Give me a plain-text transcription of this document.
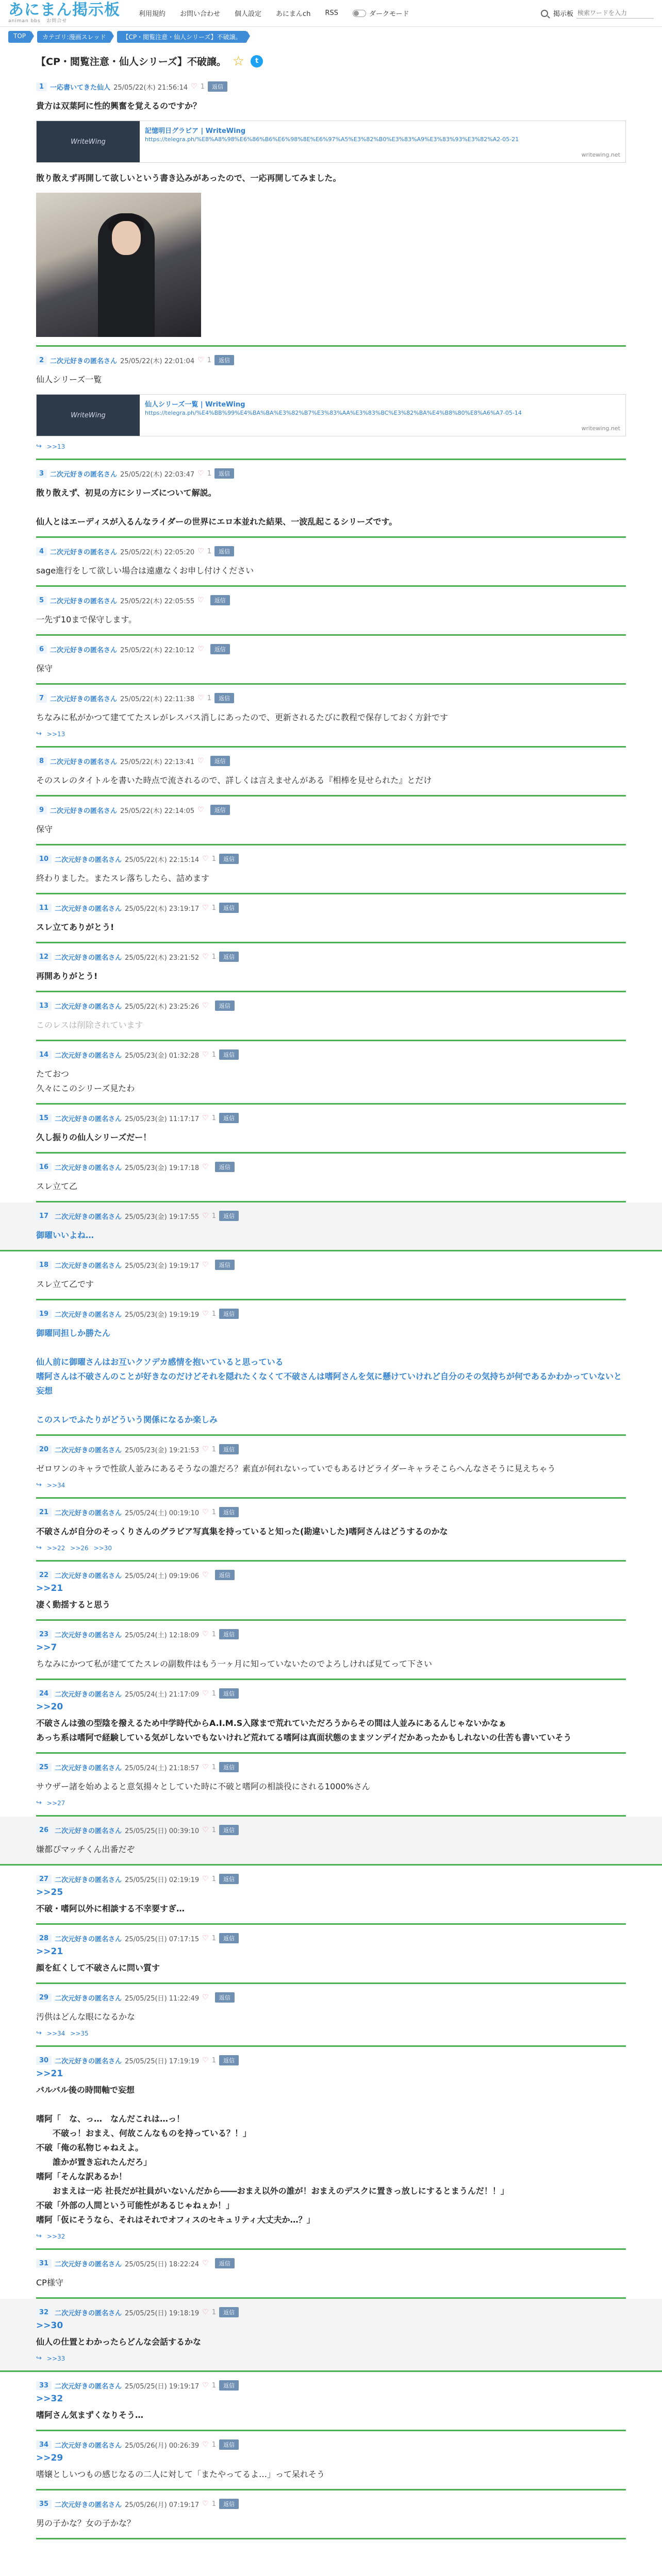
あにまん掲示板
animan bbs   お問合せ
利用規約 お問い合わせ 個人設定 あにまんch RSS	ダークモード	掲示板
検索ワードを入力
TOP	カテゴリ:漫画スレッド	【CP・閲覧注意・仙人シリーズ】不破譲。
【CP・閲覧注意・仙人シリーズ】不破譲。 ☆	t
1 一応書いてきた仙人 25/05/22(木) 21:56:14 ♡ 1	返信
貴方は双葉阿に性的興奮を覚えるのですか？
WriteWing
記憶明日グラビア | WriteWing
https://telegra.ph/%E8%A8%98%E6%86%B6%E6%98%8E%E6%97%A5%E3%82%B0%E3%83%A9%E3%83%93%E3%82%A2-05-21
writewing.net
散り散えず再開して欲しいという書き込みがあったので、一応再開してみました。
2 二次元好きの匿名さん 25/05/22(木) 22:01:04 ♡ 1	返信
仙人シリーズ一覧
WriteWing
仙人シリーズ一覧 | WriteWing
https://telegra.ph/%E4%BB%99%E4%BA%BA%E3%82%B7%E3%83%AA%E3%83%BC%E3%82%BA%E4%B8%80%E8%A6%A7-05-14
writewing.net
↪ >>13
3 二次元好きの匿名さん 25/05/22(木) 22:03:47 ♡ 1	返信
散り散えず、初見の方にシリーズについて解説。
仙人とはエーディスが入るんなライダーの世界にエロ本並れた結果、一波乱起こるシリーズです。
4 二次元好きの匿名さん 25/05/22(木) 22:05:20 ♡ 1	返信
sage進行をして欲しい場合は遠慮なくお申し付けください
5 二次元好きの匿名さん 25/05/22(木) 22:05:55 ♡	返信
一先ず10まで保守します。
6 二次元好きの匿名さん 25/05/22(木) 22:10:12 ♡	返信
保守
7 二次元好きの匿名さん 25/05/22(木) 22:11:38 ♡ 1	返信
ちなみに私がかつて建ててたスレがレスバス消しにあったので、更新されるたびに教程で保存しておく方針です
↪ >>13
8 二次元好きの匿名さん 25/05/22(木) 22:13:41 ♡	返信
そのスレのタイトルを書いた時点で流されるので、詳しくは言えませんがある『相棒を見せられた』とだけ
9 二次元好きの匿名さん 25/05/22(木) 22:14:05 ♡	返信
保守
10 二次元好きの匿名さん 25/05/22(木) 22:15:14 ♡ 1	返信
終わりました。またスレ落ちしたら、詰めます
11 二次元好きの匿名さん 25/05/22(木) 23:19:17 ♡ 1	返信
スレ立てありがとう!
12 二次元好きの匿名さん 25/05/22(木) 23:21:52 ♡ 1	返信
再開ありがとう!
13 二次元好きの匿名さん 25/05/22(木) 23:25:26 ♡	返信
このレスは削除されています
14 二次元好きの匿名さん 25/05/23(金) 01:32:28 ♡ 1	返信
たておつ
久々にこのシリーズ見たわ
15 二次元好きの匿名さん 25/05/23(金) 11:17:17 ♡ 1	返信
久し振りの仙人シリーズだー！
16 二次元好きの匿名さん 25/05/23(金) 19:17:18 ♡	返信
スレ立て乙
17 二次元好きの匿名さん 25/05/23(金) 19:17:55 ♡ 1	返信
御曜いいよね…
18 二次元好きの匿名さん 25/05/23(金) 19:19:17 ♡	返信
スレ立て乙です
19 二次元好きの匿名さん 25/05/23(金) 19:19:19 ♡ 1	返信
御曜同担しか勝たん
仙人前に御曜さんはお互いクソデカ感情を抱いていると思っている
嗜阿さんは不破さんのことが好きなのだけどそれを隠れたくなくて不破さんは嗜阿さんを気に懸けていけれど自分のその気持ちが何であるかわかっていないと妄想
このスレでふたりがどういう関係になるか楽しみ
20 二次元好きの匿名さん 25/05/23(金) 19:21:53 ♡ 1	返信
ゼロワンのキャラで性欲人並みにあるそうなの誰だろ？素直が何れないっていでもあるけどライダーキャラそこらへんなさそうに見えちゃう
↪ >>34
21 二次元好きの匿名さん 25/05/24(土) 00:19:10 ♡ 1	返信
不破さんが自分のそっくりさんのグラビア写真集を持っていると知った(勘違いした)嗜阿さんはどうするのかな
↪ >>22 >>26 >>30
22 二次元好きの匿名さん 25/05/24(土) 09:19:06 ♡	返信
>>21
凄く動揺すると思う
23 二次元好きの匿名さん 25/05/24(土) 12:18:09 ♡ 1	返信
>>7
ちなみにかつて私が建ててたスレの副数件はもう一ヶ月に知っていないたのでよろしければ見てって下さい
24 二次元好きの匿名さん 25/05/24(土) 21:17:09 ♡ 1	返信
>>20
不破さんは強の型陰を撥えるため中学時代からA.I.M.S入隊まで荒れていただろうからその間は人並みにあるんじゃないかなぁ
あっち系は嗜阿で経験している気がしないでもないけれど荒れてる嗜阿は真面状態のままツンデイだかあったかもしれないの仕苦も書いていそう
25 二次元好きの匿名さん 25/05/24(土) 21:18:57 ♡ 1	返信
サウザー諸を始めよると意気揚々としていた時に不破と嗜阿の相談役にされる1000%さん
↪ >>27
26 二次元好きの匿名さん 25/05/25(日) 00:39:10 ♡ 1	返信
嫌都ぴマッチくん出番だぞ
27 二次元好きの匿名さん 25/05/25(日) 02:19:19 ♡ 1	返信
>>25
不破・嗜阿以外に相談する不幸要すぎ…
28 二次元好きの匿名さん 25/05/25(日) 07:17:15 ♡ 1	返信
>>21
顔を紅くして不破さんに問い質す
29 二次元好きの匿名さん 25/05/25(日) 11:22:49 ♡	返信
汚供はどんな眼になるかな
↪ >>34 >>35
30 二次元好きの匿名さん 25/05/25(日) 17:19:19 ♡ 1	返信
>>21
バルバル後の時間軸で妄想
嗜阿「　な、っ…　なんだこれは…っ！
　　不破っ！おまえ、何故こんなものを持っている？！」
不破「俺の私物じゃねえよ。
　　誰かが置き忘れたんだろ」
嗜阿「そんな訳あるか！
　　おまえは一応 社長だが社員がいないんだから――おまえ以外の誰が！おまえのデスクに置きっ放しにするとまうんだ！！」
不破「外部の人間という可能性があるじゃねぇか！」
嗜阿「仮にそうなら、それはそれでオフィスのセキュリティ大丈夫か…？」
↪ >>32
31 二次元好きの匿名さん 25/05/25(日) 18:22:24 ♡	返信
CP様守
32 二次元好きの匿名さん 25/05/25(日) 19:18:19 ♡ 1	返信
>>30
仙人の仕置とわかったらどんな会話するかな
↪ >>33
33 二次元好きの匿名さん 25/05/25(日) 19:19:17 ♡ 1	返信
>>32
嗜阿さん気まずくなりそう…
34 二次元好きの匿名さん 25/05/26(月) 00:26:39 ♡ 1	返信
>>29
嗜嬢としいつもの感じなるの二人に対して「またやってるよ…」って呆れそう
35 二次元好きの匿名さん 25/05/26(月) 07:19:17 ♡ 1	返信
男の子かな？女の子かな？
